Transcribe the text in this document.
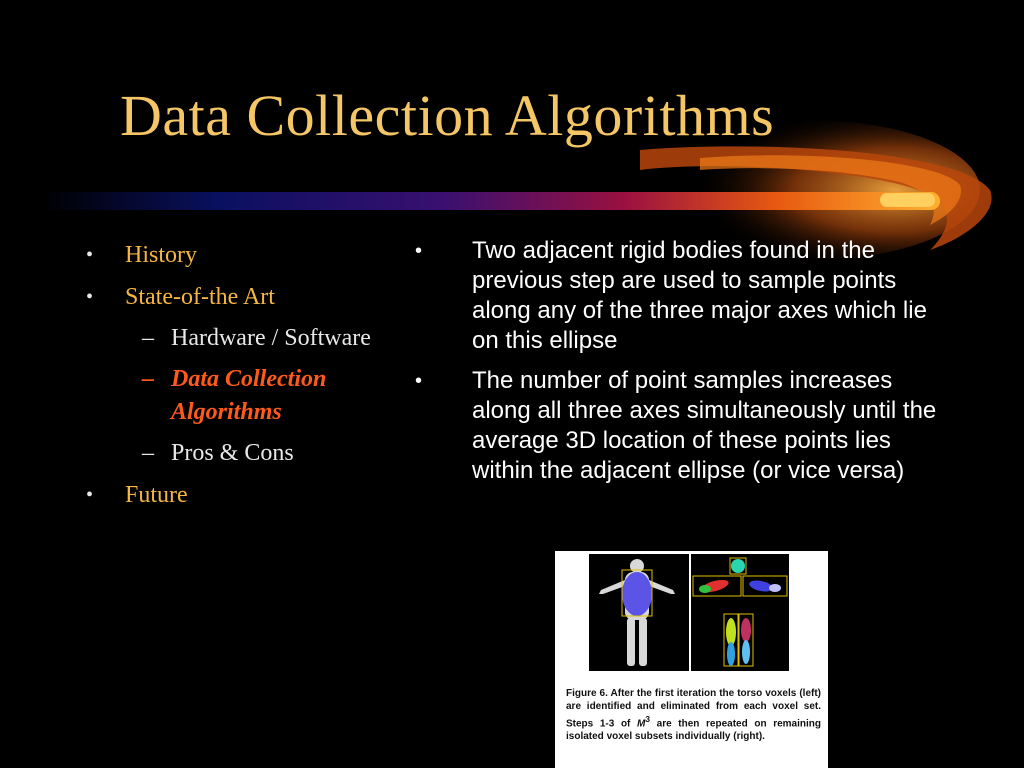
Data Collection Algorithms
• History
• State-of-the Art
– Hardware / Software
– Data Collection Algorithms
– Pros & Cons
• Future
• Two adjacent rigid bodies found in the previous step are used to sample points along any of the three major axes which lie on this ellipse
• The number of point samples increases along all three axes simultaneously until the average 3D location of these points lies within the adjacent ellipse (or vice versa)
Figure 6. After the first iteration the torso voxels (left) are identified and eliminated from each voxel set. Steps 1-3 of $M^3$ are then repeated on remaining isolated voxel subsets individually (right).
